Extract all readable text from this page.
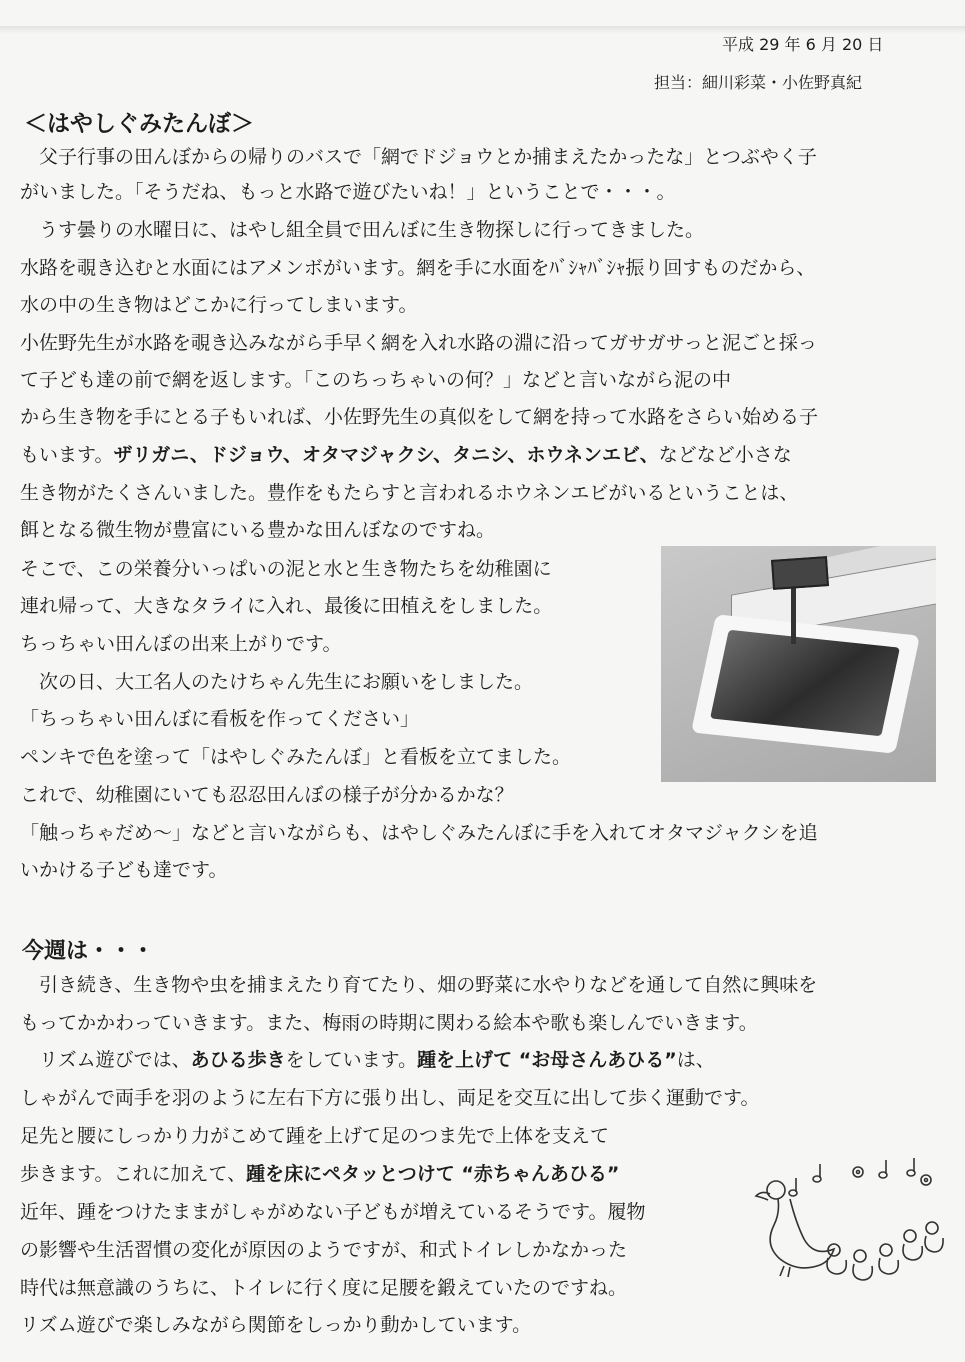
平成 29 年 6 月 20 日
担当：細川彩菜・小佐野真紀
＜はやしぐみたんぼ＞
　父子行事の田んぼからの帰りのバスで「網でドジョウとか捕まえたかったな」とつぶやく子
がいました。「そうだね、もっと水路で遊びたいね！」ということで・・・。
　うす曇りの水曜日に、はやし組全員で田んぼに生き物探しに行ってきました。
水路を覗き込むと水面にはアメンボがいます。網を手に水面をﾊﾞｼｬﾊﾞｼｬ振り回すものだから、
水の中の生き物はどこかに行ってしまいます。
小佐野先生が水路を覗き込みながら手早く網を入れ水路の淵に沿ってガサガサっと泥ごと採っ
て子ども達の前で網を返します。「このちっちゃいの何？」などと言いながら泥の中
から生き物を手にとる子もいれば、小佐野先生の真似をして網を持って水路をさらい始める子
もいます。ザリガニ、ドジョウ、オタマジャクシ、タニシ、ホウネンエビ、などなど小さな
生き物がたくさんいました。豊作をもたらすと言われるホウネンエビがいるということは、
餌となる微生物が豊富にいる豊かな田んぼなのですね。
そこで、この栄養分いっぱいの泥と水と生き物たちを幼稚園に
連れ帰って、大きなタライに入れ、最後に田植えをしました。
ちっちゃい田んぼの出来上がりです。
　次の日、大工名人のたけちゃん先生にお願いをしました。
「ちっちゃい田んぼに看板を作ってください」
ペンキで色を塗って「はやしぐみたんぼ」と看板を立てました。
これで、幼稚園にいても忍忍田んぼの様子が分かるかな？
「触っちゃだめ～」などと言いながらも、はやしぐみたんぼに手を入れてオタマジャクシを追
いかける子ども達です。
今週は・・・
　引き続き、生き物や虫を捕まえたり育てたり、畑の野菜に水やりなどを通して自然に興味を
もってかかわっていきます。また、梅雨の時期に関わる絵本や歌も楽しんでいきます。
　リズム遊びでは、あひる歩きをしています。踵を上げて “お母さんあひる”は、
しゃがんで両手を羽のように左右下方に張り出し、両足を交互に出して歩く運動です。
足先と腰にしっかり力がこめて踵を上げて足のつま先で上体を支えて
歩きます。これに加えて、踵を床にペタッとつけて “赤ちゃんあひる”
近年、踵をつけたままがしゃがめない子どもが増えているそうです。履物
の影響や生活習慣の変化が原因のようですが、和式トイレしかなかった
時代は無意識のうちに、トイレに行く度に足腰を鍛えていたのですね。
リズム遊びで楽しみながら関節をしっかり動かしています。
